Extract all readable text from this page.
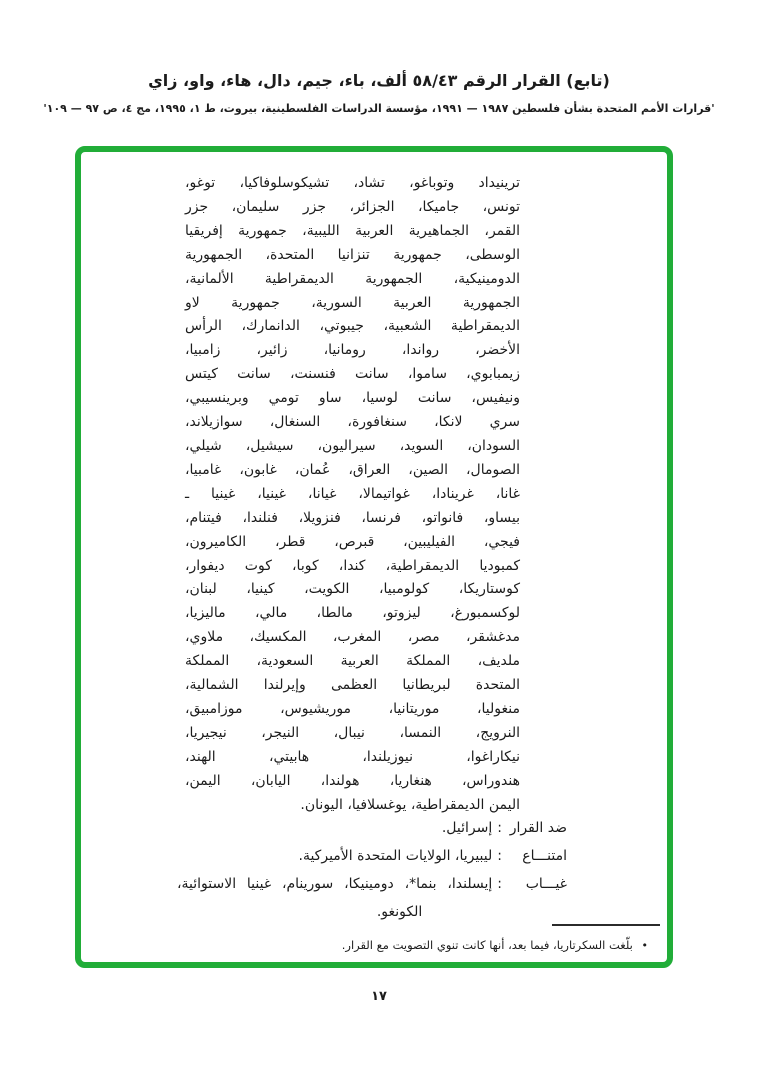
(تابع) القرار الرقم ٥٨/٤٣ ألف، باء، جيم، دال، هاء، واو، زاي
'قرارات الأمم المتحدة بشأن فلسطين ١٩٨٧ — ١٩٩١، مؤسسة الدراسات الفلسطينية، بيروت، ط ١، ١٩٩٥، مج ٤، ص ٩٧ — ١٠٩'
ترينيداد وتوباغو، تشاد، تشيكوسلوفاكيا، توغو،
تونس، جاميكا، الجزائر، جزر سليمان، جزر
القمر، الجماهيرية العربية الليبية، جمهورية إفريقيا
الوسطى، جمهورية تنزانيا المتحدة، الجمهورية
الدومينيكية، الجمهورية الديمقراطية الألمانية،
الجمهورية العربية السورية، جمهورية لاو
الديمقراطية الشعبية، جيبوتي، الدانمارك، الرأس
الأخضر، رواندا، رومانيا، زائير، زامبيا،
زيمبابوي، ساموا، سانت فنسنت، سانت كيتس
ونيفيس، سانت لوسيا، ساو تومي وبرينسيبي،
سري لانكا، سنغافورة، السنغال، سوازيلاند،
السودان، السويد، سيراليون، سيشيل، شيلي،
الصومال، الصين، العراق، عُمان، غابون، غامبيا،
غانا، غرينادا، غواتيمالا، غيانا، غينيا، غينيا ـ
بيساو، فانواتو، فرنسا، فنزويلا، فنلندا، فيتنام،
فيجي، الفيليبين، قبرص، قطر، الكاميرون،
كمبوديا الديمقراطية، كندا، كوبا، كوت ديفوار،
كوستاريكا، كولومبيا، الكويت، كينيا، لبنان،
لوكسمبورغ، ليزوتو، مالطا، مالي، ماليزيا،
مدغشقر، مصر، المغرب، المكسيك، ملاوي،
ملديف، المملكة العربية السعودية، المملكة
المتحدة لبريطانيا العظمى وإيرلندا الشمالية،
منغوليا، موريتانيا، موريشيوس، موزامبيق،
النرويج، النمسا، نيبال، النيجر، نيجيريا،
نيكاراغوا، نيوزيلندا، هابيتي، الهند،
هندوراس، هنغاريا، هولندا، اليابان، اليمن،
اليمن الديمقراطية، يوغسلافيا، اليونان.
ضد القرار
:
إسرائيل.
امتنـــاع
:
ليبيريا، الولايات المتحدة الأميركية.
غيـــاب
:
إيسلندا، بنما*، دومينيكا، سورينام، غينيا الاستوائية، الكونغو.
• بلّغت السكرتاريا، فيما بعد، أنها كانت تنوي التصويت مع القرار.
١٧
